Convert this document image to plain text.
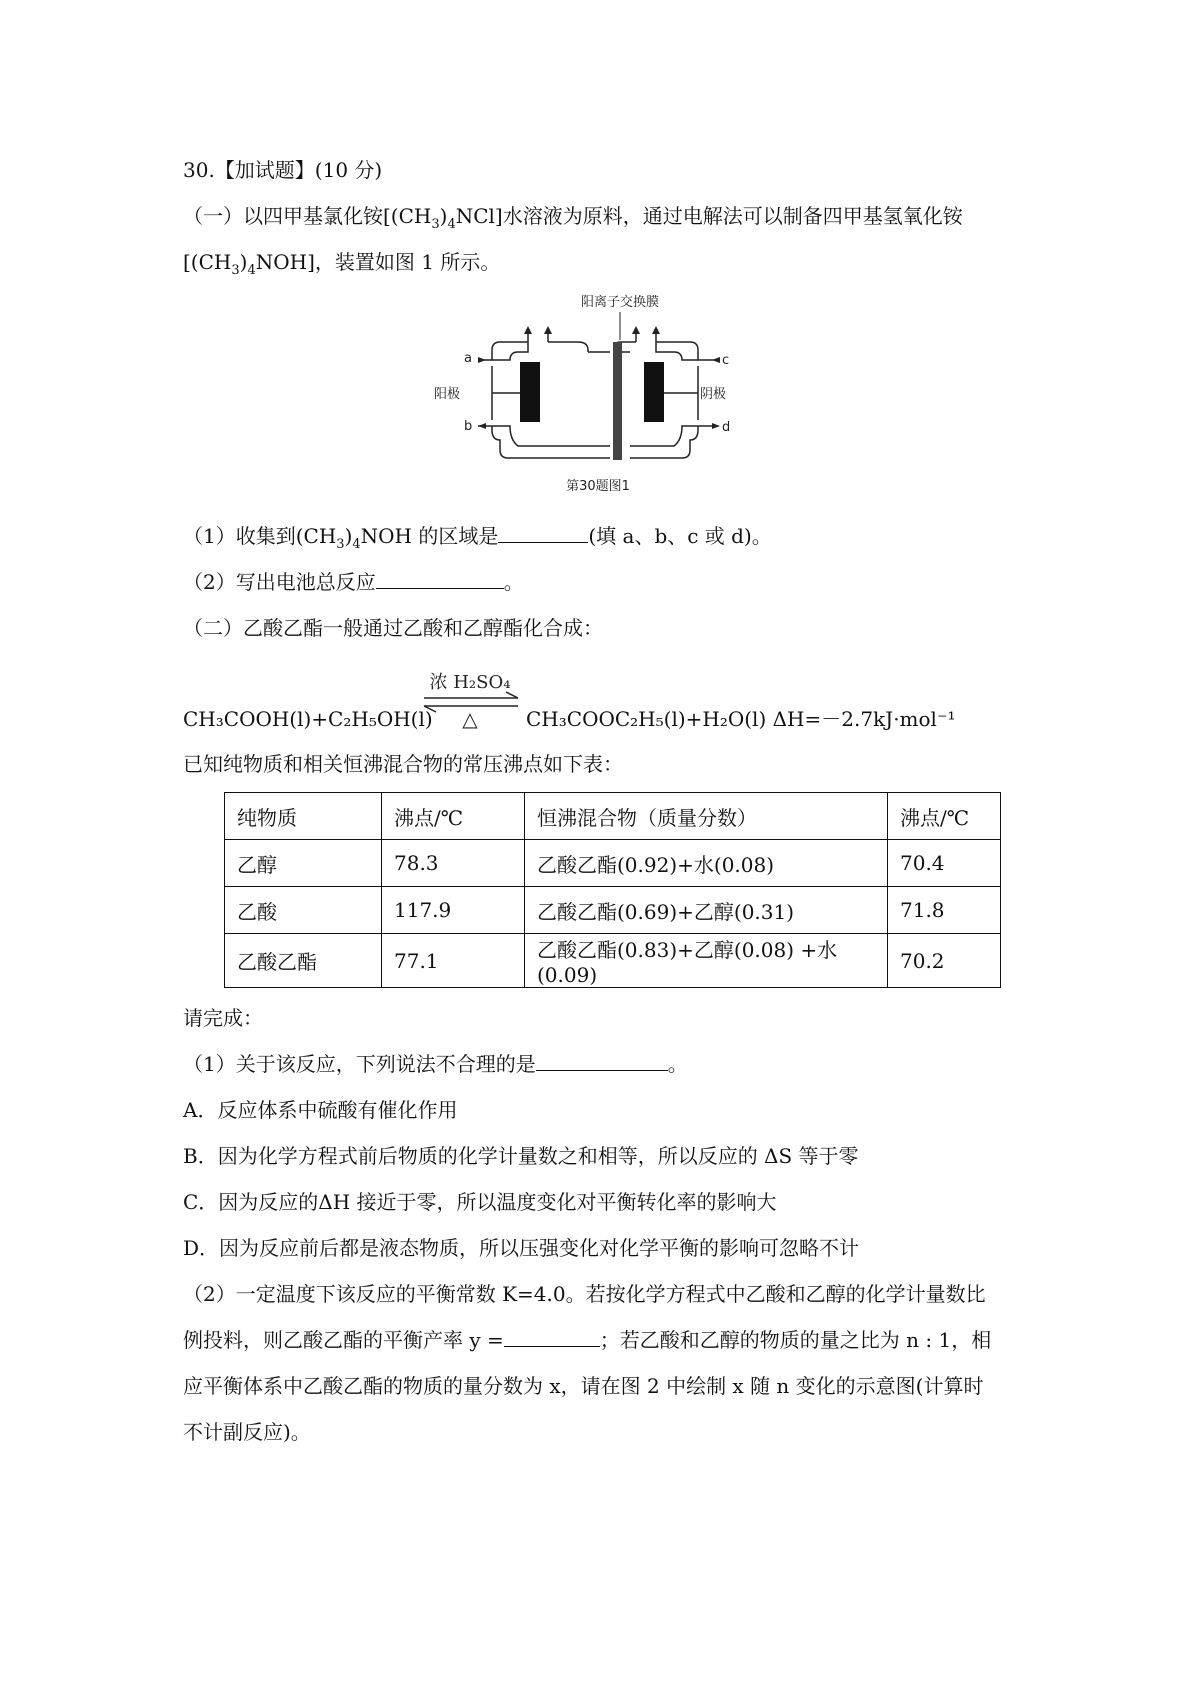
30.【加试题】(10 分)
（一）以四甲基氯化铵$[(CH_3)_4NCl]$水溶液为原料，通过电解法可以制备四甲基氢氧化铵
$[(CH_3)_4NOH]$，装置如图 1 所示。
阳离子交换膜
a
b
阳极
c
d
阴极
第30题图1
（1）收集到$(CH_3)_4NOH$ 的区域是	(填 a、b、c 或 d)。
（2）写出电池总反应	。
（二）乙酸乙酯一般通过乙酸和乙醇酯化合成：
浓 H₂SO₄
△
CH₃COOH(l)+C₂H₅OH(l)	CH₃COOC₂H₅(l)+H₂O(l) ΔH=－2.7kJ·mol⁻¹
已知纯物质和相关恒沸混合物的常压沸点如下表：
纯物质	沸点/℃	恒沸混合物（质量分数）	沸点/℃
乙醇	78.3	乙酸乙酯(0.92)+水(0.08)	70.4
乙酸	117.9	乙酸乙酯(0.69)+乙醇(0.31)	71.8
乙酸乙酯	77.1	乙酸乙酯(0.83)+乙醇(0.08) +水(0.09)	70.2
请完成：
（1）关于该反应，下列说法不合理的是	。
A．反应体系中硫酸有催化作用
B．因为化学方程式前后物质的化学计量数之和相等，所以反应的 ΔS 等于零
C．因为反应的ΔH 接近于零，所以温度变化对平衡转化率的影响大
D．因为反应前后都是液态物质，所以压强变化对化学平衡的影响可忽略不计
（2）一定温度下该反应的平衡常数 K=4.0。若按化学方程式中乙酸和乙醇的化学计量数比
例投料，则乙酸乙酯的平衡产率 y =	；若乙酸和乙醇的物质的量之比为 n : 1，相
应平衡体系中乙酸乙酯的物质的量分数为 x，请在图 2 中绘制 x 随 n 变化的示意图(计算时
不计副反应)。
